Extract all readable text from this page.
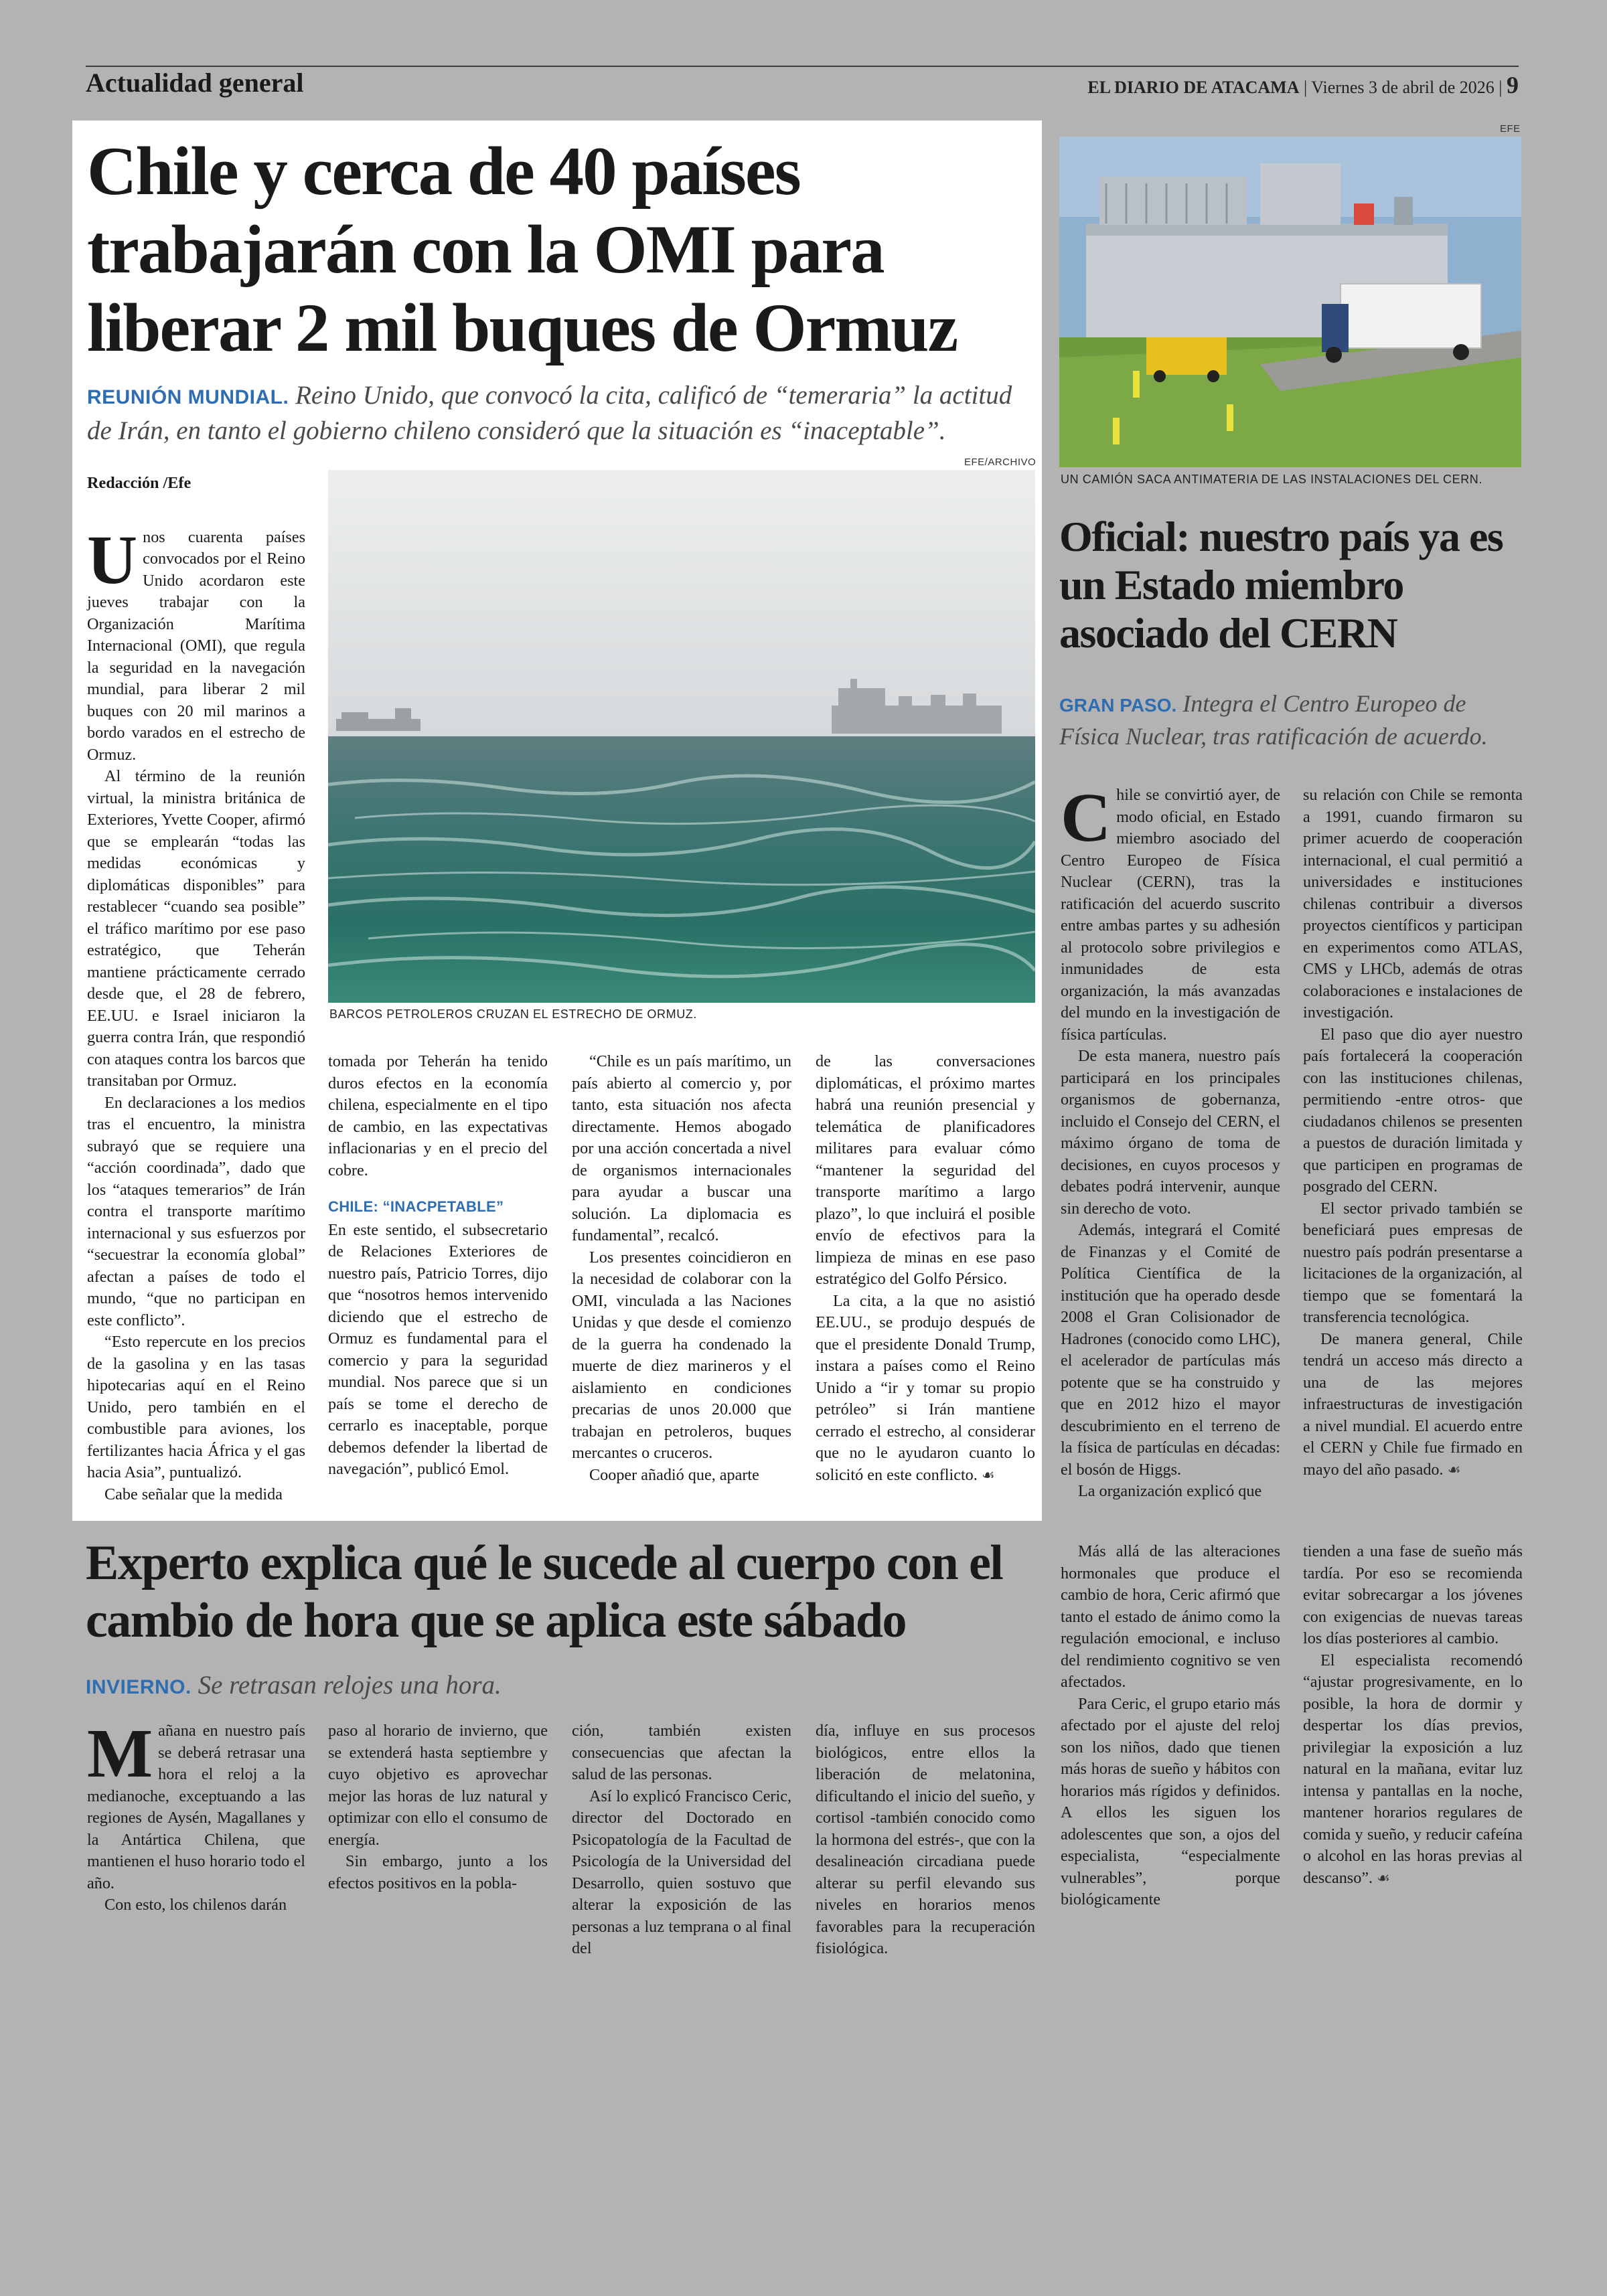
Actualidad general	EL DIARIO DE ATACAMA | Viernes 3 de abril de 2026 | 9
Chile y cerca de 40 países trabajarán con la OMI para liberar 2 mil buques de Ormuz
REUNIÓN MUNDIAL. Reino Unido, que convocó la cita, calificó de “temeraria” la actitud de Irán, en tanto el gobierno chileno consideró que la situación es “inaceptable”.
EFE/ARCHIVO
BARCOS PETROLEROS CRUZAN EL ESTRECHO DE ORMUZ.

Redacción /Efe

Unos cuarenta países convocados por el Reino Unido acordaron este jueves trabajar con la Organización Marítima Internacional (OMI), que regula la seguridad en la navegación mundial, para liberar 2 mil buques con 20 mil marinos a bordo varados en el estrecho de Ormuz.

Al término de la reunión virtual, la ministra británica de Exteriores, Yvette Cooper, afirmó que se emplearán “todas las medidas económicas y diplomáticas disponibles” para restablecer “cuando sea posible” el tráfico marítimo por ese paso estratégico, que Teherán mantiene prácticamente cerrado desde que, el 28 de febrero, EE.UU. e Israel iniciaron la guerra contra Irán, que respondió con ataques contra los barcos que transitaban por Ormuz.

En declaraciones a los medios tras el encuentro, la ministra subrayó que se requiere una “acción coordinada”, dado que los “ataques temerarios” de Irán contra el transporte marítimo internacional y sus esfuerzos por “secuestrar la economía global” afectan a países de todo el mundo, “que no participan en este conflicto”.

“Esto repercute en los precios de la gasolina y en las tasas hipotecarias aquí en el Reino Unido, pero también en el combustible para aviones, los fertilizantes hacia África y el gas hacia Asia”, puntualizó.

Cabe señalar que la medida

tomada por Teherán ha tenido duros efectos en la economía chilena, especialmente en el tipo de cambio, en las expectativas inflacionarias y en el precio del cobre.

CHILE: “INACPETABLE”

En este sentido, el subsecretario de Relaciones Exteriores de nuestro país, Patricio Torres, dijo que “nosotros hemos intervenido diciendo que el estrecho de Ormuz es fundamental para el comercio y para la seguridad mundial. Nos parece que si un país se tome el derecho de cerrarlo es inaceptable, porque debemos defender la libertad de navegación”, publicó Emol.

“Chile es un país marítimo, un país abierto al comercio y, por tanto, esta situación nos afecta directamente. Hemos abogado por una acción concertada a nivel de organismos internacionales para ayudar a buscar una solución. La diplomacia es fundamental”, recalcó.

Los presentes coincidieron en la necesidad de colaborar con la OMI, vinculada a las Naciones Unidas y que desde el comienzo de la guerra ha condenado la muerte de diez marineros y el aislamiento en condiciones precarias de unos 20.000 que trabajan en petroleros, buques mercantes o cruceros.

Cooper añadió que, aparte

de las conversaciones diplomáticas, el próximo martes habrá una reunión presencial y telemática de planificadores militares para evaluar cómo “mantener la seguridad del transporte marítimo a largo plazo”, lo que incluirá el posible envío de efectivos para la limpieza de minas en ese paso estratégico del Golfo Pérsico.

La cita, a la que no asistió EE.UU., se produjo después de que el presidente Donald Trump, instara a países como el Reino Unido a “ir y tomar su propio petróleo” si Irán mantiene cerrado el estrecho, al considerar que no le ayudaron cuanto lo solicitó en este conflicto. ☙

EFE
UN CAMIÓN SACA ANTIMATERIA DE LAS INSTALACIONES DEL CERN.
Oficial: nuestro país ya es un Estado miembro asociado del CERN
GRAN PASO. Integra el Centro Europeo de Física Nuclear, tras ratificación de acuerdo.

Chile se convirtió ayer, de modo oficial, en Estado miembro asociado del Centro Europeo de Física Nuclear (CERN), tras la ratificación del acuerdo suscrito entre ambas partes y su adhesión al protocolo sobre privilegios e inmunidades de esta organización, la más avanzadas del mundo en la investigación de física partículas.

De esta manera, nuestro país participará en los principales organismos de gobernanza, incluido el Consejo del CERN, el máximo órgano de toma de decisiones, en cuyos procesos y debates podrá intervenir, aunque sin derecho de voto.

Además, integrará el Comité de Finanzas y el Comité de Política Científica de la institución que ha operado desde 2008 el Gran Colisionador de Hadrones (conocido como LHC), el acelerador de partículas más potente que se ha construido y que en 2012 hizo el mayor descubrimiento en el terreno de la física de partículas en décadas: el bosón de Higgs.

La organización explicó que

su relación con Chile se remonta a 1991, cuando firmaron su primer acuerdo de cooperación internacional, el cual permitió a universidades e instituciones chilenas contribuir a diversos proyectos científicos y participan en experimentos como ATLAS, CMS y LHCb, además de otras colaboraciones e instalaciones de investigación.

El paso que dio ayer nuestro país fortalecerá la cooperación con las instituciones chilenas, permitiendo -entre otros- que ciudadanos chilenos se presenten a puestos de duración limitada y que participen en programas de posgrado del CERN.

El sector privado también se beneficiará pues empresas de nuestro país podrán presentarse a licitaciones de la organización, al tiempo que se fomentará la transferencia tecnológica.

De manera general, Chile tendrá un acceso más directo a una de las mejores infraestructuras de investigación a nivel mundial. El acuerdo entre el CERN y Chile fue firmado en mayo del año pasado. ☙

Experto explica qué le sucede al cuerpo con el cambio de hora que se aplica este sábado
INVIERNO. Se retrasan relojes una hora.

Mañana en nuestro país se deberá retrasar una hora el reloj a la medianoche, exceptuando a las regiones de Aysén, Magallanes y la Antártica Chilena, que mantienen el huso horario todo el año.

Con esto, los chilenos darán

paso al horario de invierno, que se extenderá hasta septiembre y cuyo objetivo es aprovechar mejor las horas de luz natural y optimizar con ello el consumo de energía.

Sin embargo, junto a los efectos positivos en la pobla-

ción, también existen consecuencias que afectan la salud de las personas.

Así lo explicó Francisco Ceric, director del Doctorado en Psicopatología de la Facultad de Psicología de la Universidad del Desarrollo, quien sostuvo que alterar la exposición de las personas a luz temprana o al final del

día, influye en sus procesos biológicos, entre ellos la liberación de melatonina, dificultando el inicio del sueño, y cortisol -también conocido como la hormona del estrés-, que con la desalineación circadiana puede alterar su perfil elevando sus niveles en horarios menos favorables para la recuperación fisiológica.

Más allá de las alteraciones hormonales que produce el cambio de hora, Ceric afirmó que tanto el estado de ánimo como la regulación emocional, e incluso del rendimiento cognitivo se ven afectados.

Para Ceric, el grupo etario más afectado por el ajuste del reloj son los niños, dado que tienen más horas de sueño y hábitos con horarios más rígidos y definidos. A ellos les siguen los adolescentes que son, a ojos del especialista, “especialmente vulnerables”, porque biológicamente

tienden a una fase de sueño más tardía. Por eso se recomienda evitar sobrecargar a los jóvenes con exigencias de nuevas tareas los días posteriores al cambio.

El especialista recomendó “ajustar progresivamente, en lo posible, la hora de dormir y despertar los días previos, privilegiar la exposición a luz natural en la mañana, evitar luz intensa y pantallas en la noche, mantener horarios regulares de comida y sueño, y reducir cafeína o alcohol en las horas previas al descanso”. ☙
